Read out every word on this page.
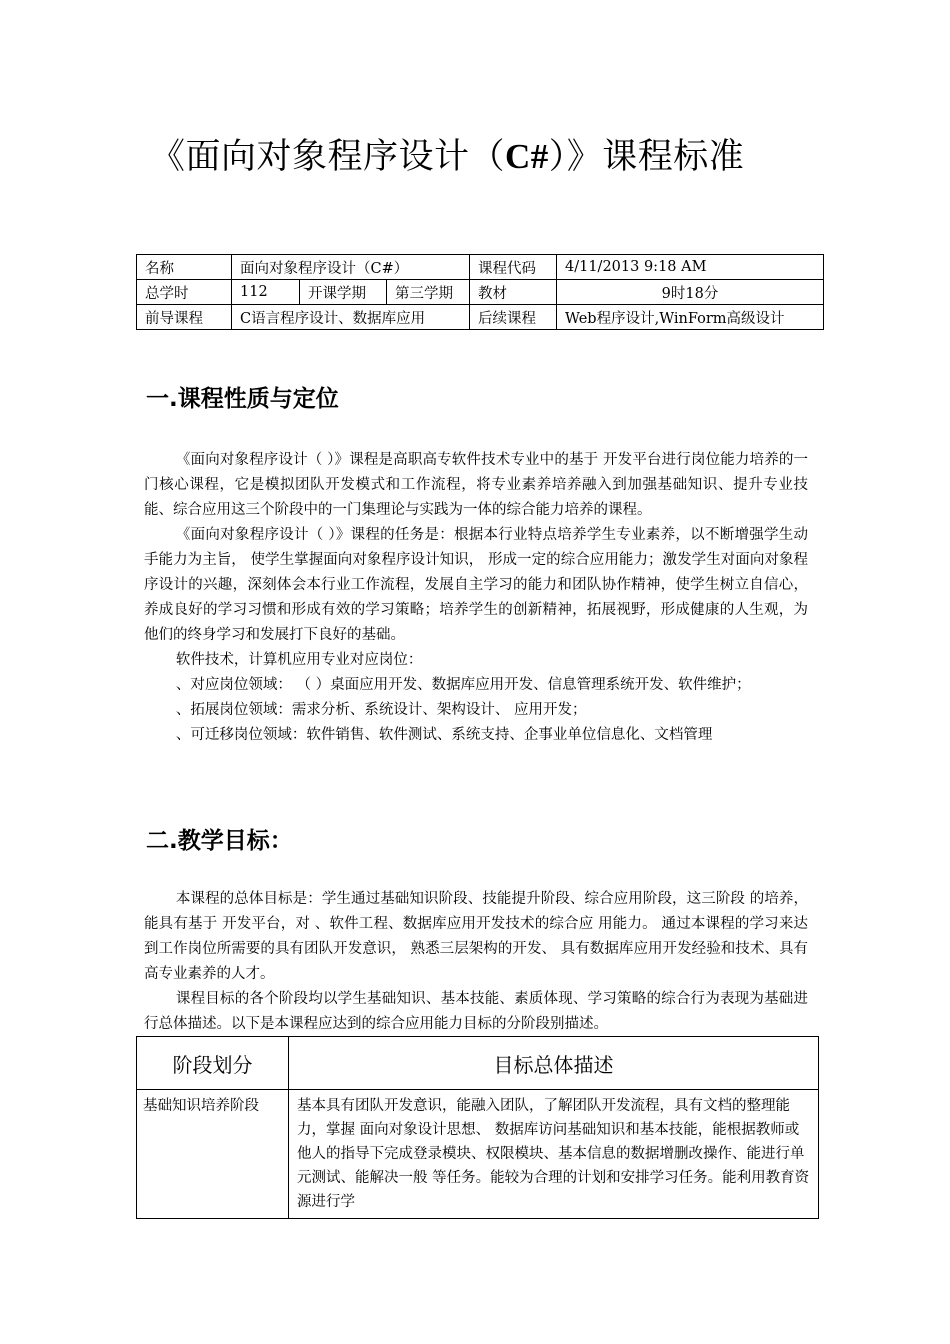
《面向对象程序设计（C#）》课程标准
名称	面向对象程序设计（C#）			课程代码	4/11/2013 9:18 AM
总学时	112	开课学期	第三学期	教材	9时18分
前导课程	C语言程序设计、数据库应用			后续课程	Web程序设计,WinForm高级设计
一.课程性质与定位

《面向对象程序设计（ ）》课程是高职高专软件技术专业中的基于 开发平台进行岗位能力培养的一门核心课程，它是模拟团队开发模式和工作流程，将专业素养培养融入到加强基础知识、提升专业技能、综合应用这三个阶段中的一门集理论与实践为一体的综合能力培养的课程。

《面向对象程序设计（ ）》课程的任务是：根据本行业特点培养学生专业素养，以不断增强学生动手能力为主旨， 使学生掌握面向对象程序设计知识， 形成一定的综合应用能力；激发学生对面向对象程序设计的兴趣，深刻体会本行业工作流程，发展自主学习的能力和团队协作精神，使学生树立自信心，养成良好的学习习惯和形成有效的学习策略；培养学生的创新精神，拓展视野，形成健康的人生观，为他们的终身学习和发展打下良好的基础。

软件技术，计算机应用专业对应岗位：

、对应岗位领域： （ ）桌面应用开发、数据库应用开发、信息管理系统开发、软件维护；

、拓展岗位领域：需求分析、系统设计、架构设计、 应用开发；

、可迁移岗位领域：软件销售、软件测试、系统支持、企事业单位信息化、文档管理

二.教学目标：

本课程的总体目标是：学生通过基础知识阶段、技能提升阶段、综合应用阶段，这三阶段 的培养，能具有基于 开发平台，对 、软件工程、数据库应用开发技术的综合应 用能力。 通过本课程的学习来达到工作岗位所需要的具有团队开发意识， 熟悉三层架构的开发、 具有数据库应用开发经验和技术、具有高专业素养的人才。

课程目标的各个阶段均以学生基础知识、基本技能、素质体现、学习策略的综合行为表现为基础进行总体描述。以下是本课程应达到的综合应用能力目标的分阶段别描述。

阶段划分	目标总体描述
基础知识培养阶段	基本具有团队开发意识，能融入团队，了解团队开发流程，具有文档的整理能力，掌握 面向对象设计思想、 数据库访问基础知识和基本技能，能根据教师或他人的指导下完成登录模块、权限模块、基本信息的数据增删改操作、能进行单元测试、能解决一般 等任务。能较为合理的计划和安排学习任务。能利用教育资源进行学
